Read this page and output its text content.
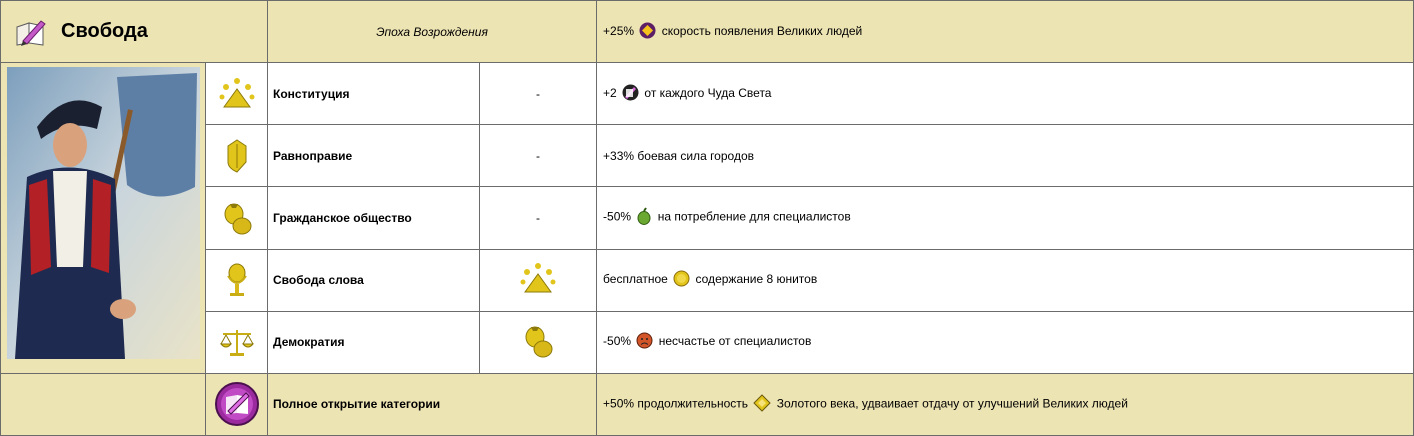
Свобода		Эпоха Возрождения		+25% скорость появления Великих людей
		Конституция	-	+2 от каждого Чуда Света
	Равноправие	-	+33% боевая сила городов
	Гражданское общество	-	-50% на потребление для специалистов
	Свобода слова		бесплатное содержание 8 юнитов
	Демократия		-50% несчастье от специалистов
		Полное открытие категории		+50% продолжительность Золотого века, удваивает отдачу от улучшений Великих людей
